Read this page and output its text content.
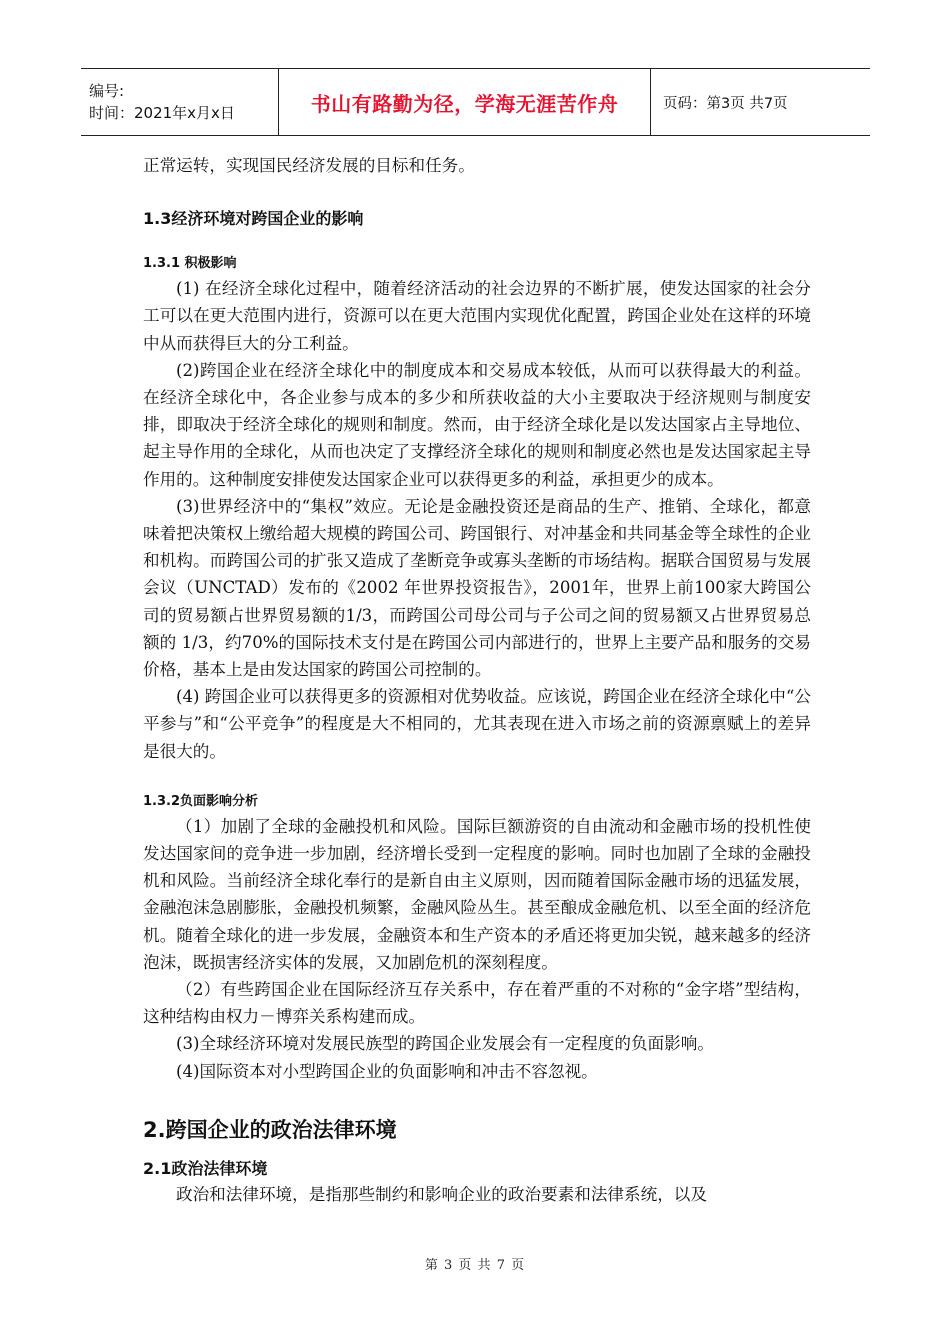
编号:
时间：2021年x月x日	书山有路勤为径，学海无涯苦作舟	页码：第3页 共7页

正常运转，实现国民经济发展的目标和任务。

1.3经济环境对跨国企业的影响

1.3.1 积极影响

(1) 在经济全球化过程中，随着经济活动的社会边界的不断扩展，使发达国家的社会分工可以在更大范围内进行，资源可以在更大范围内实现优化配置，跨国企业处在这样的环境中从而获得巨大的分工利益。

(2)跨国企业在经济全球化中的制度成本和交易成本较低，从而可以获得最大的利益。在经济全球化中，各企业参与成本的多少和所获收益的大小主要取决于经济规则与制度安排，即取决于经济全球化的规则和制度。然而，由于经济全球化是以发达国家占主导地位、起主导作用的全球化，从而也决定了支撑经济全球化的规则和制度必然也是发达国家起主导作用的。这种制度安排使发达国家企业可以获得更多的利益，承担更少的成本。

(3)世界经济中的“集权”效应。无论是金融投资还是商品的生产、推销、全球化，都意味着把决策权上缴给超大规模的跨国公司、跨国银行、对冲基金和共同基金等全球性的企业和机构。而跨国公司的扩张又造成了垄断竞争或寡头垄断的市场结构。据联合国贸易与发展会议（UNCTAD）发布的《2002 年世界投资报告》，2001年，世界上前100家大跨国公司的贸易额占世界贸易额的1/3，而跨国公司母公司与子公司之间的贸易额又占世界贸易总额的 1/3，约70%的国际技术支付是在跨国公司内部进行的，世界上主要产品和服务的交易价格，基本上是由发达国家的跨国公司控制的。

(4) 跨国企业可以获得更多的资源相对优势收益。应该说，跨国企业在经济全球化中“公平参与”和“公平竞争”的程度是大不相同的，尤其表现在进入市场之前的资源禀赋上的差异是很大的。

1.3.2负面影响分析

（1）加剧了全球的金融投机和风险。国际巨额游资的自由流动和金融市场的投机性使发达国家间的竞争进一步加剧，经济增长受到一定程度的影响。同时也加剧了全球的金融投机和风险。当前经济全球化奉行的是新自由主义原则，因而随着国际金融市场的迅猛发展，金融泡沫急剧膨胀，金融投机频繁，金融风险丛生。甚至酿成金融危机、以至全面的经济危机。随着全球化的进一步发展，金融资本和生产资本的矛盾还将更加尖锐，越来越多的经济泡沫，既损害经济实体的发展，又加剧危机的深刻程度。

（2）有些跨国企业在国际经济互存关系中，存在着严重的不对称的“金字塔”型结构，这种结构由权力－博弈关系构建而成。

(3)全球经济环境对发展民族型的跨国企业发展会有一定程度的负面影响。

(4)国际资本对小型跨国企业的负面影响和冲击不容忽视。

2.跨国企业的政治法律环境

2.1政治法律环境

政治和法律环境，是指那些制约和影响企业的政治要素和法律系统，以及

第 3 页 共 7 页
